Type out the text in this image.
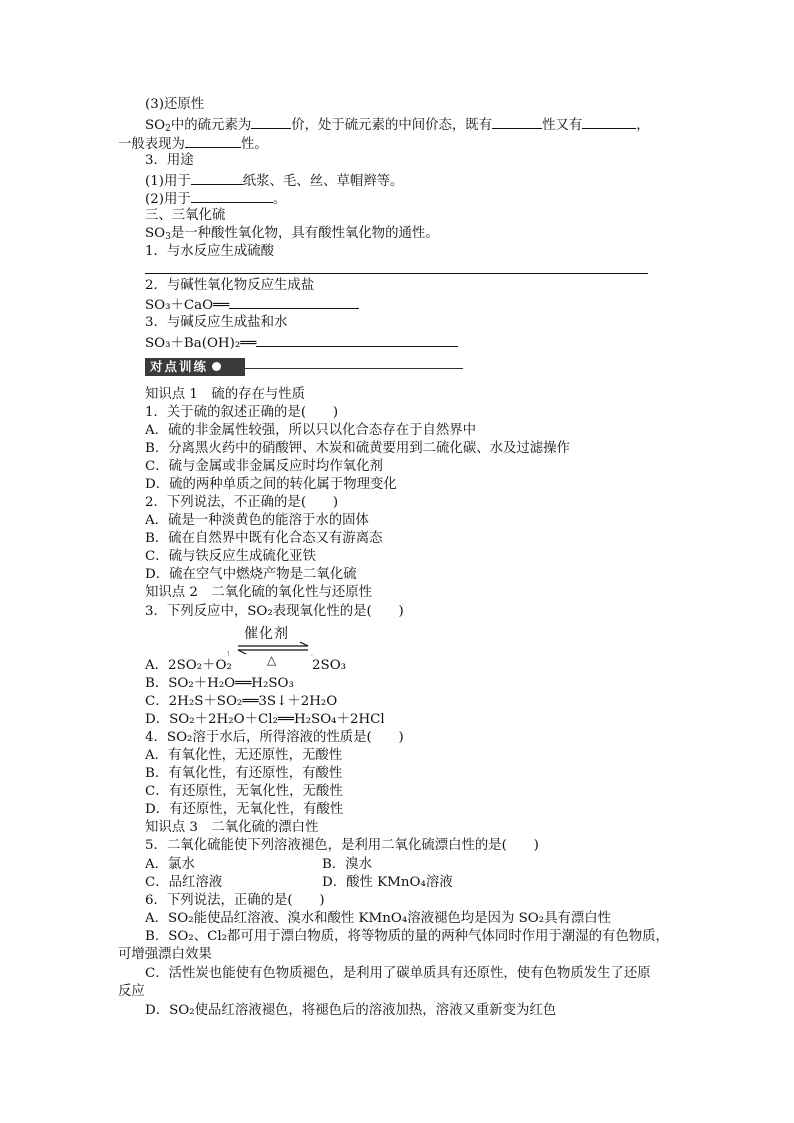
(3)还原性
$SO_2$中的硫元素为	价，处于硫元素的中间价态，既有	性又有	，
一般表现为	性。
3．用途
(1)用于	纸浆、毛、丝、草帽辫等。
(2)用于	。
三、三氧化硫
$SO_3$是一种酸性氧化物，具有酸性氧化物的通性。
1．与水反应生成硫酸
2．与碱性氧化物反应生成盐
SO₃＋CaO══
3．与碱反应生成盐和水
SO₃＋Ba(OH)₂══
对点训练
知识点 1　硫的存在与性质
1．关于硫的叙述正确的是(　　)
A．硫的非金属性较强，所以只以化合态存在于自然界中
B．分离黑火药中的硝酸钾、木炭和硫黄要用到二硫化碳、水及过滤操作
C．硫与金属或非金属反应时均作氧化剂
D．硫的两种单质之间的转化属于物理变化
2．下列说法，不正确的是(　　)
A．硫是一种淡黄色的能溶于水的固体
B．硫在自然界中既有化合态又有游离态
C．硫与铁反应生成硫化亚铁
D．硫在空气中燃烧产物是二氧化硫
知识点 2　二氧化硫的氧化性与还原性
3．下列反应中，SO₂表现氧化性的是(　　)
催化剂
△
!	.
A．2SO₂＋O₂	2SO₃
B．SO₂＋H₂O══H₂SO₃
C．2H₂S＋SO₂══3S↓＋2H₂O
D．SO₂＋2H₂O＋Cl₂══H₂SO₄＋2HCl
4．SO₂溶于水后，所得溶液的性质是(　　)
A．有氧化性，无还原性，无酸性
B．有氧化性，有还原性，有酸性
C．有还原性，无氧化性，无酸性
D．有还原性，无氧化性，有酸性
知识点 3　二氧化硫的漂白性
5．二氧化硫能使下列溶液褪色，是利用二氧化硫漂白性的是(　　)
A．氯水	B．溴水
C．品红溶液	D．酸性 KMnO₄溶液
6．下列说法，正确的是(　　)
A．SO₂能使品红溶液、溴水和酸性 KMnO₄溶液褪色均是因为 SO₂具有漂白性
B．SO₂、Cl₂都可用于漂白物质，将等物质的量的两种气体同时作用于潮湿的有色物质，
可增强漂白效果
C．活性炭也能使有色物质褪色，是利用了碳单质具有还原性，使有色物质发生了还原
反应
D．SO₂使品红溶液褪色，将褪色后的溶液加热，溶液又重新变为红色
